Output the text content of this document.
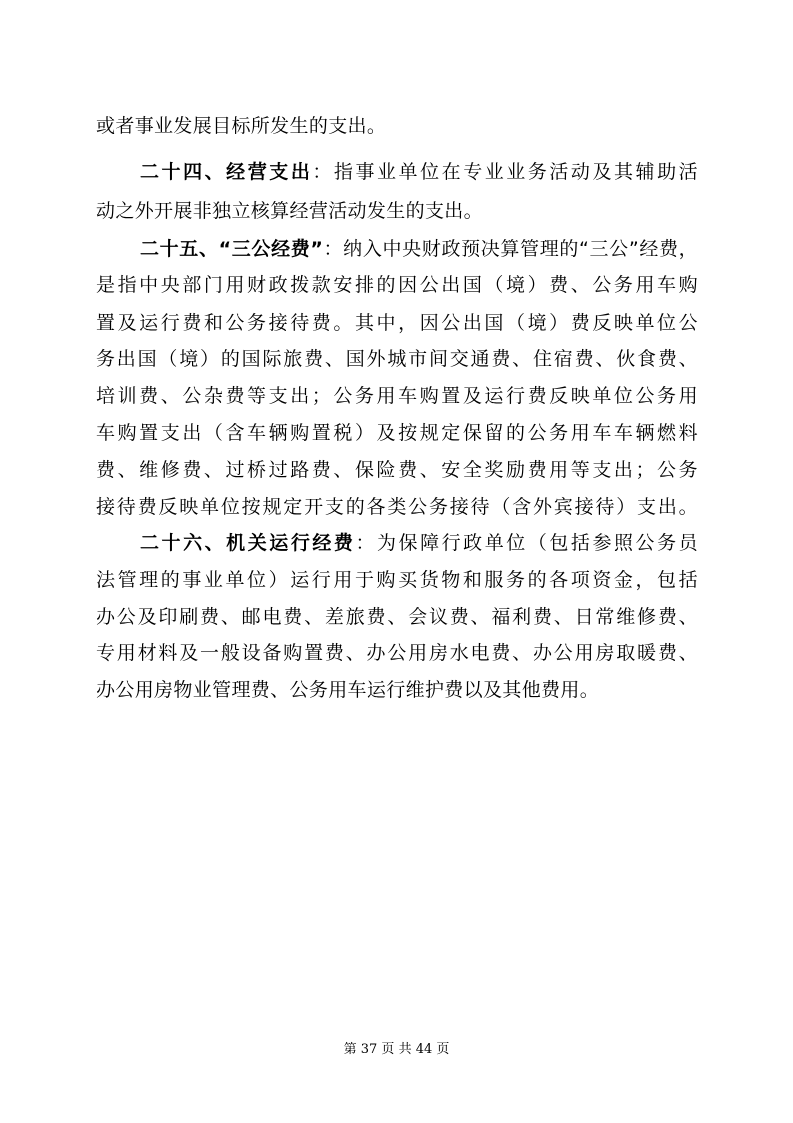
或者事业发展目标所发生的支出。
二十四、经营支出：指事业单位在专业业务活动及其辅助活
动之外开展非独立核算经营活动发生的支出。
二十五、“三公经费”：纳入中央财政预决算管理的“三公”经费，
是指中央部门用财政拨款安排的因公出国（境）费、公务用车购
置及运行费和公务接待费。其中，因公出国（境）费反映单位公
务出国（境）的国际旅费、国外城市间交通费、住宿费、伙食费、
培训费、公杂费等支出；公务用车购置及运行费反映单位公务用
车购置支出（含车辆购置税）及按规定保留的公务用车车辆燃料
费、维修费、过桥过路费、保险费、安全奖励费用等支出；公务
接待费反映单位按规定开支的各类公务接待（含外宾接待）支出。
二十六、机关运行经费：为保障行政单位（包括参照公务员
法管理的事业单位）运行用于购买货物和服务的各项资金，包括
办公及印刷费、邮电费、差旅费、会议费、福利费、日常维修费、
专用材料及一般设备购置费、办公用房水电费、办公用房取暖费、
办公用房物业管理费、公务用车运行维护费以及其他费用。
第 37 页 共 44 页
